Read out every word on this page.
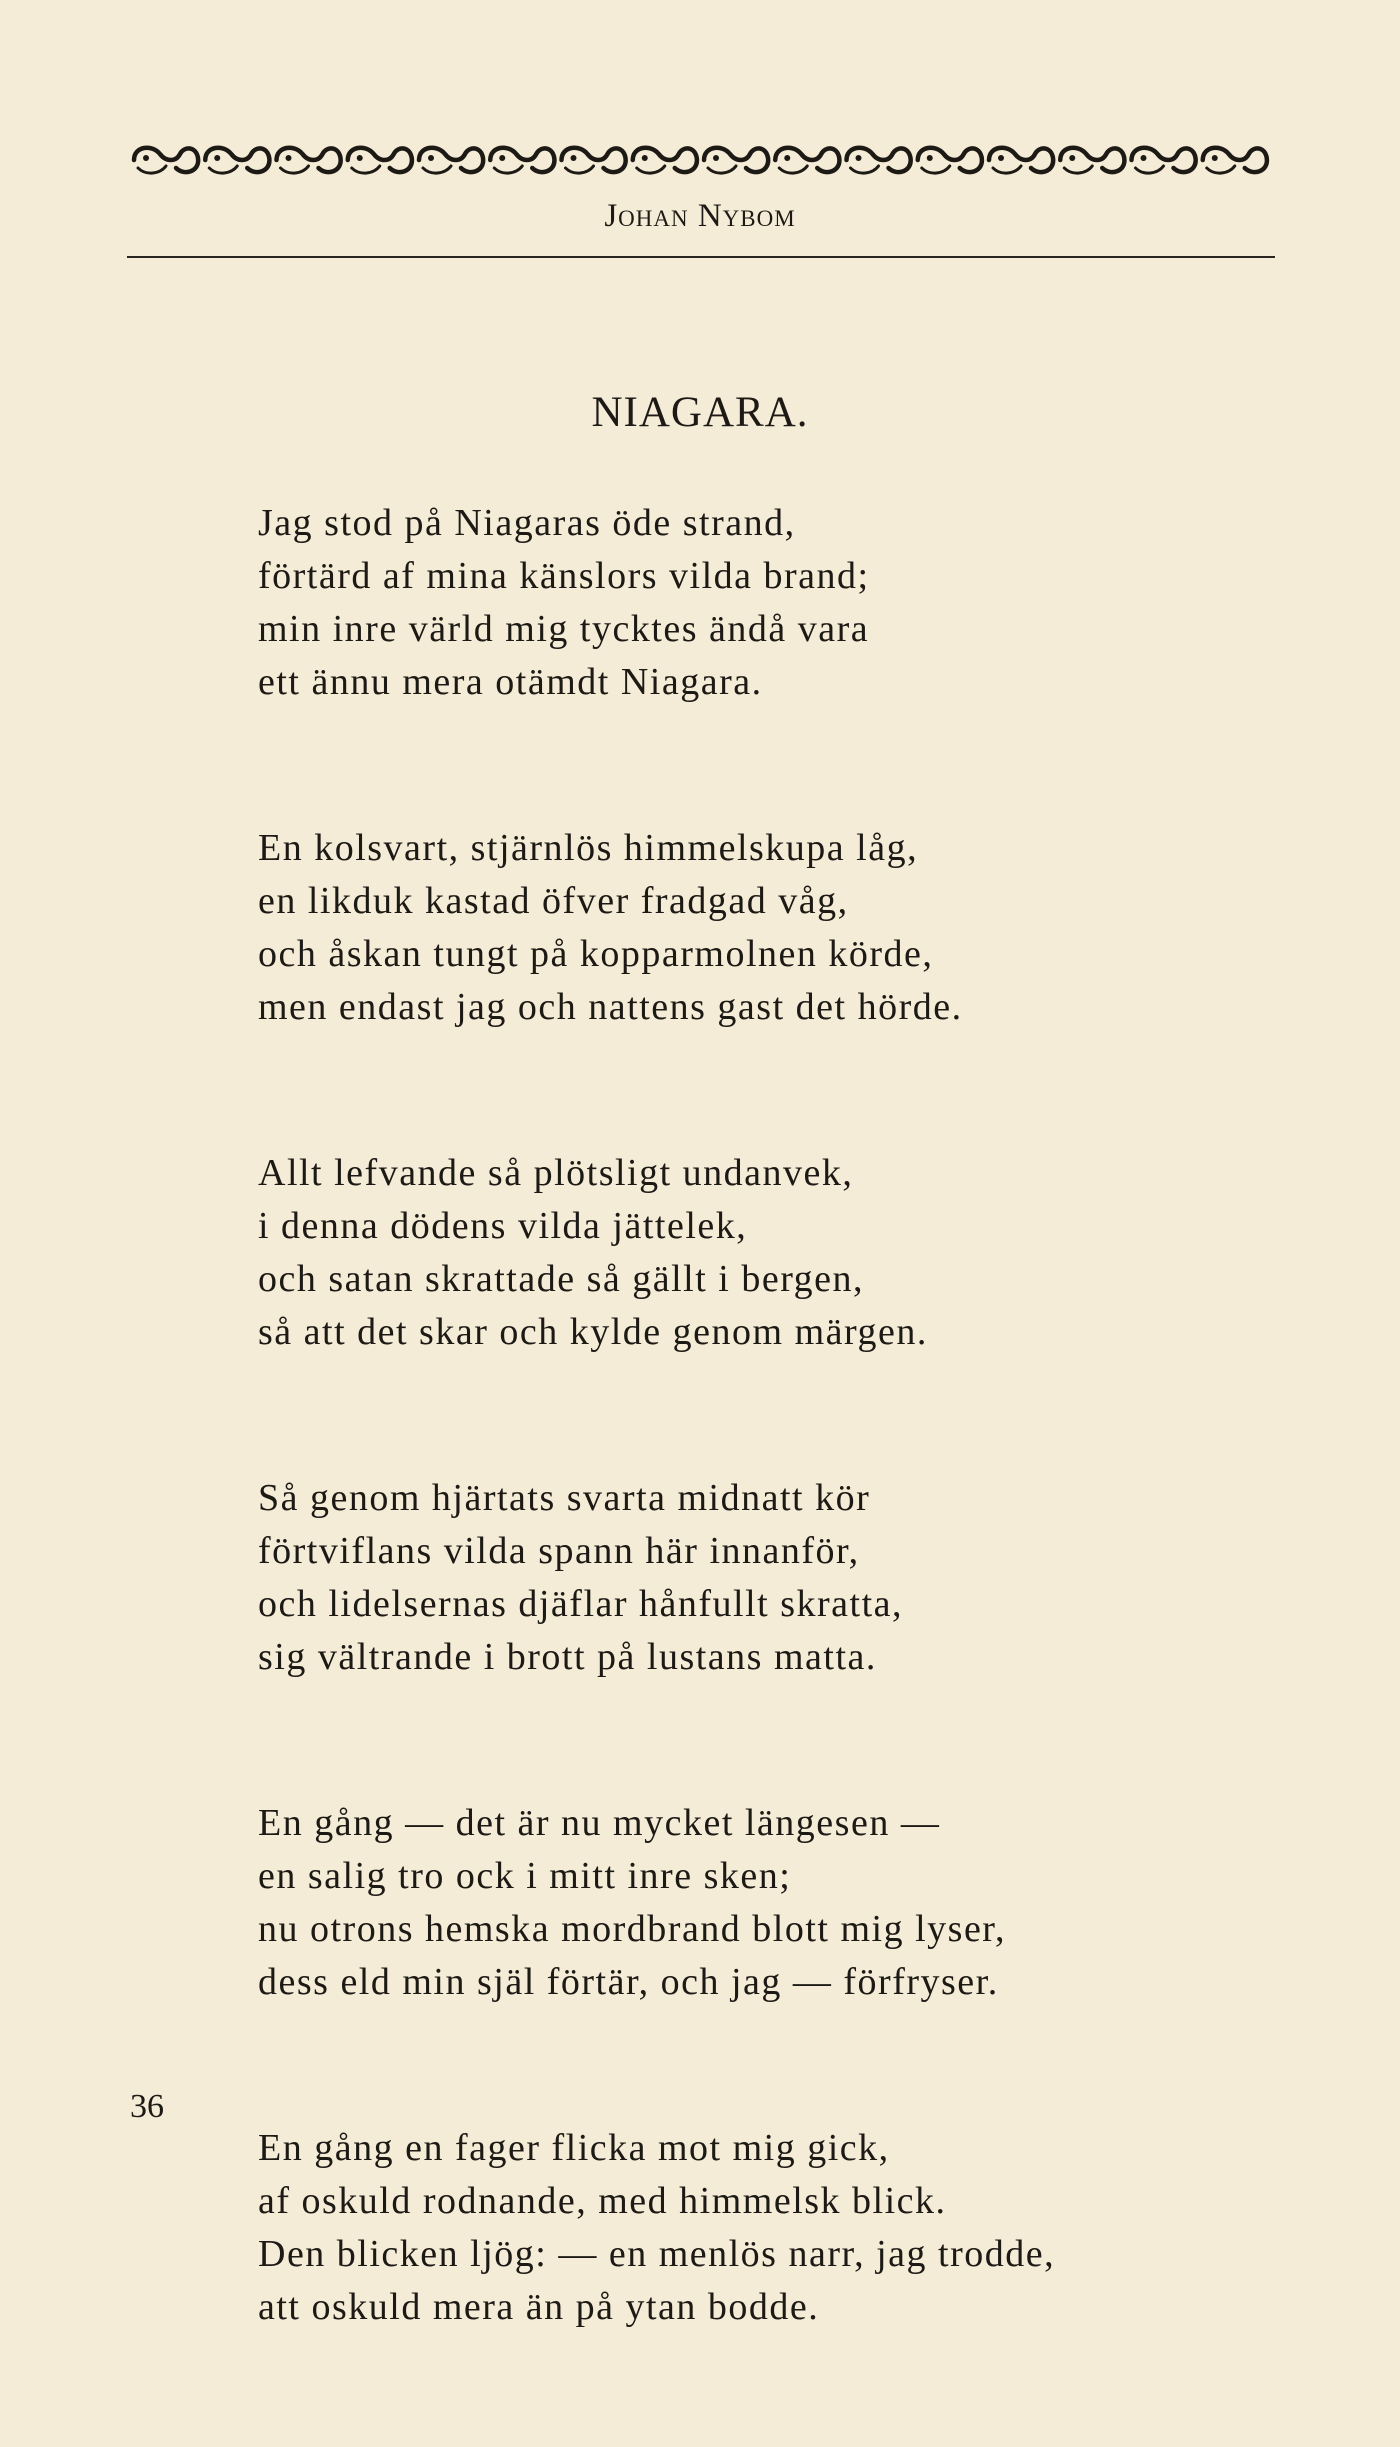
Johan Nybom
NIAGARA.
Jag stod på Niagaras öde strand,
förtärd af mina känslors vilda brand;
min inre värld mig tycktes ändå vara
ett ännu mera otämdt Niagara.
En kolsvart, stjärnlös himmelskupa låg,
en likduk kastad öfver fradgad våg,
och åskan tungt på kopparmolnen körde,
men endast jag och nattens gast det hörde.
Allt lefvande så plötsligt undanvek,
i denna dödens vilda jättelek,
och satan skrattade så gällt i bergen,
så att det skar och kylde genom märgen.
Så genom hjärtats svarta midnatt kör
förtviflans vilda spann här innanför,
och lidelsernas djäflar hånfullt skratta,
sig vältrande i brott på lustans matta.
En gång — det är nu mycket längesen —
en salig tro ock i mitt inre sken;
nu otrons hemska mordbrand blott mig lyser,
dess eld min själ förtär, och jag — förfryser.
En gång en fager flicka mot mig gick,
af oskuld rodnande, med himmelsk blick.
Den blicken ljög: — en menlös narr, jag trodde,
att oskuld mera än på ytan bodde.
36
